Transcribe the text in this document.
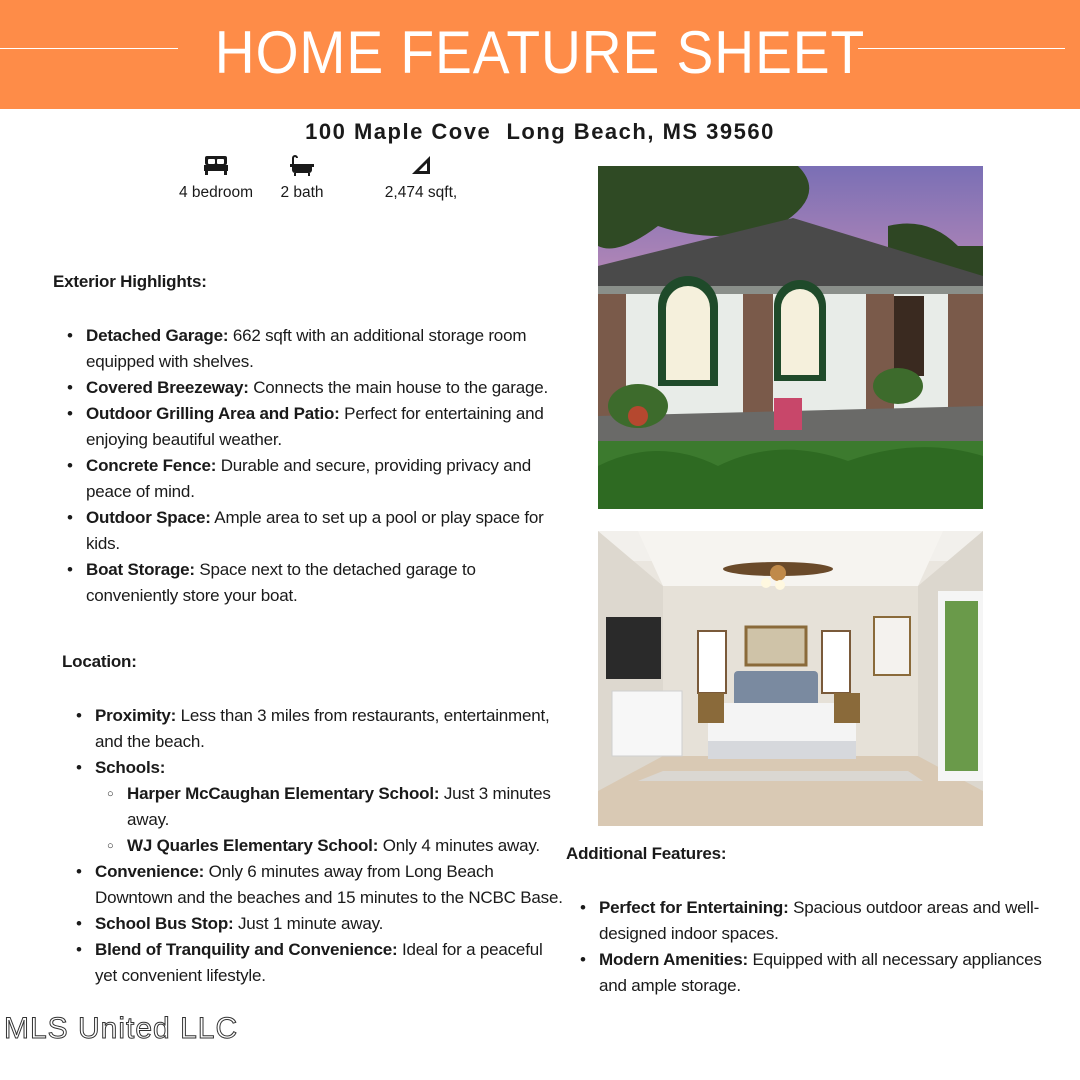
HOME FEATURE SHEET
100 Maple Cove  Long Beach, MS 39560
4 bedroom	2 bath	2,474 sqft,
Exterior Highlights:
• Detached Garage: 662 sqft with an additional storage room equipped with shelves.
• Covered Breezeway: Connects the main house to the garage.
• Outdoor Grilling Area and Patio: Perfect for entertaining and enjoying beautiful weather.
• Concrete Fence: Durable and secure, providing privacy and peace of mind.
• Outdoor Space: Ample area to set up a pool or play space for kids.
• Boat Storage: Space next to the detached garage to conveniently store your boat.
Location:
• Proximity: Less than 3 miles from restaurants, entertainment, and the beach.
• Schools:
○ Harper McCaughan Elementary School: Just 3 minutes away.
○ WJ Quarles Elementary School: Only 4 minutes away.
• Convenience: Only 6 minutes away from Long Beach Downtown and the beaches and 15 minutes to the NCBC Base.
• School Bus Stop: Just 1 minute away.
• Blend of Tranquility and Convenience: Ideal for a peaceful yet convenient lifestyle.
Additional Features:
• Perfect for Entertaining: Spacious outdoor areas and well-designed indoor spaces.
• Modern Amenities: Equipped with all necessary appliances and ample storage.
MLS United LLC
